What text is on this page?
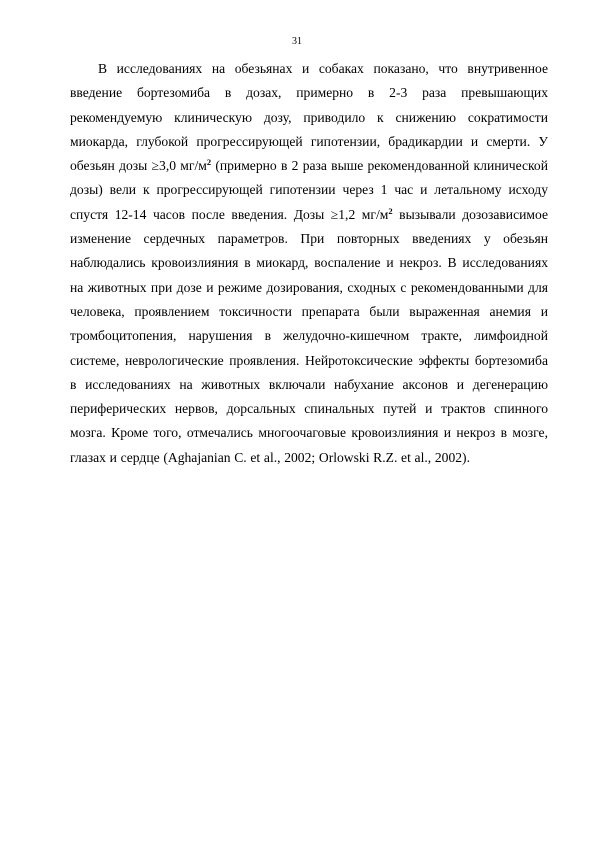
31

В исследованиях на обезьянах и собаках показано, что внутривенное введение бортезомиба в дозах, примерно в 2-3 раза превышающих рекомендуемую клиническую дозу, приводило к снижению сократимости миокарда, глубокой прогрессирующей гипотензии, брадикардии и смерти. У обезьян дозы ≥3,0 $мг/м^2$ (примерно в 2 раза выше рекомендованной клинической дозы) вели к прогрессирующей гипотензии через 1 час и летальному исходу спустя 12-14 часов после введения. Дозы ≥1,2 $мг/м^2$ вызывали дозозависимое изменение сердечных параметров. При повторных введениях у обезьян наблюдались кровоизлияния в миокард, воспаление и некроз. В исследованиях на животных при дозе и режиме дозирования, сходных с рекомендованными для человека, проявлением токсичности препарата были выраженная анемия и тромбоцитопения, нарушения в желудочно-кишечном тракте, лимфоидной системе, неврологические проявления. Нейротоксические эффекты бортезомиба в исследованиях на животных включали набухание аксонов и дегенерацию периферических нервов, дорсальных спинальных путей и трактов спинного мозга. Кроме того, отмечались многоочаговые кровоизлияния и некроз в мозге, глазах и сердце (Aghajanian C. et al., 2002; Orlowski R.Z. et al., 2002).
